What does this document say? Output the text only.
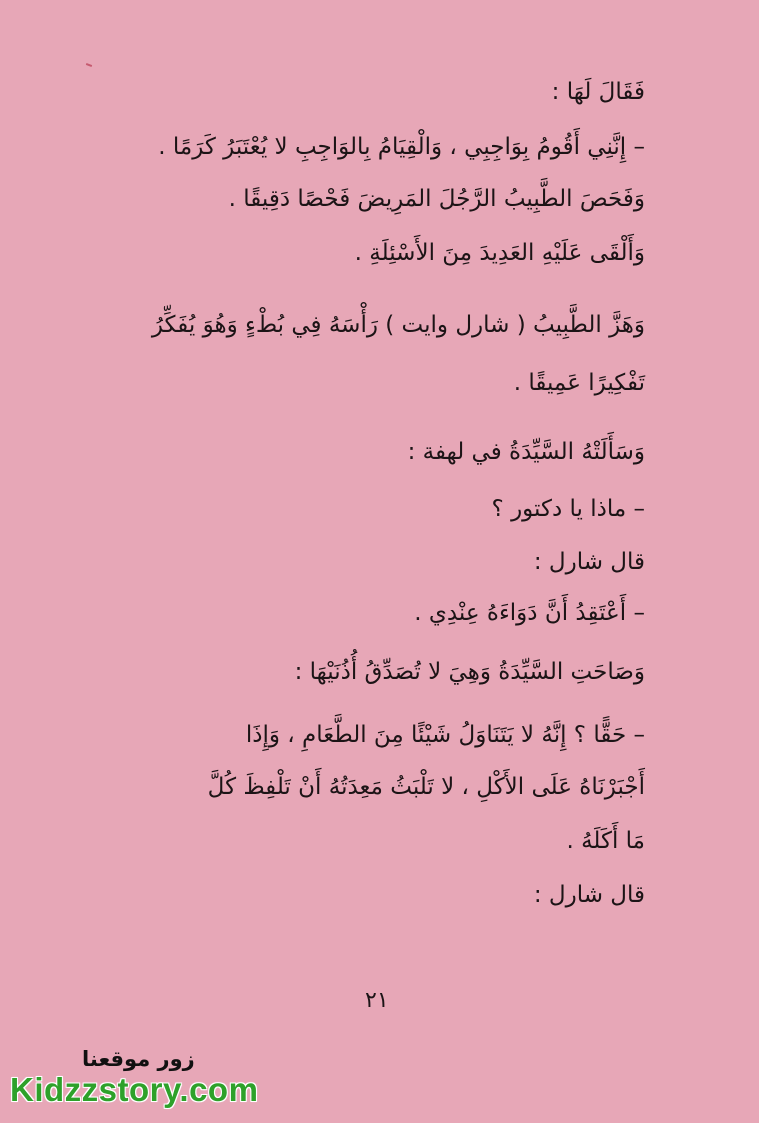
فَقَالَ لَهَا :
– إِنَّنِي أَقُومُ بِوَاجِبِي ، وَالْقِيَامُ بِالوَاجِبِ لا يُعْتَبَرُ كَرَمًا .
وَفَحَصَ الطَّبِيبُ الرَّجُلَ المَرِيضَ فَحْصًا دَقِيقًا .
وَأَلْقَى عَلَيْهِ العَدِيدَ مِنَ الأَسْئِلَةِ .
وَهَزَّ الطَّبِيبُ ( شارل وايت ) رَأْسَهُ فِي بُطْءٍ وَهُوَ يُفَكِّرُ
تَفْكِيرًا عَمِيقًا .
وَسَأَلَتْهُ السَّيِّدَةُ في لهفة :
– ماذا يا دكتور ؟
قال شارل :
– أَعْتَقِدُ أَنَّ دَوَاءَهُ عِنْدِي .
وَصَاحَتِ السَّيِّدَةُ وَهِيَ لا تُصَدِّقُ أُذُنَيْهَا :
– حَقًّا ؟ إِنَّهُ لا يَتَنَاوَلُ شَيْئًا مِنَ الطَّعَامِ ، وَإِذَا
أَجْبَرْنَاهُ عَلَى الأَكْلِ ، لا تَلْبَثُ مَعِدَتُهُ أَنْ تَلْفِظَ كُلَّ
مَا أَكَلَهُ .
قال شارل :
٢١
زور موقعنا
Kidzzstory.com
